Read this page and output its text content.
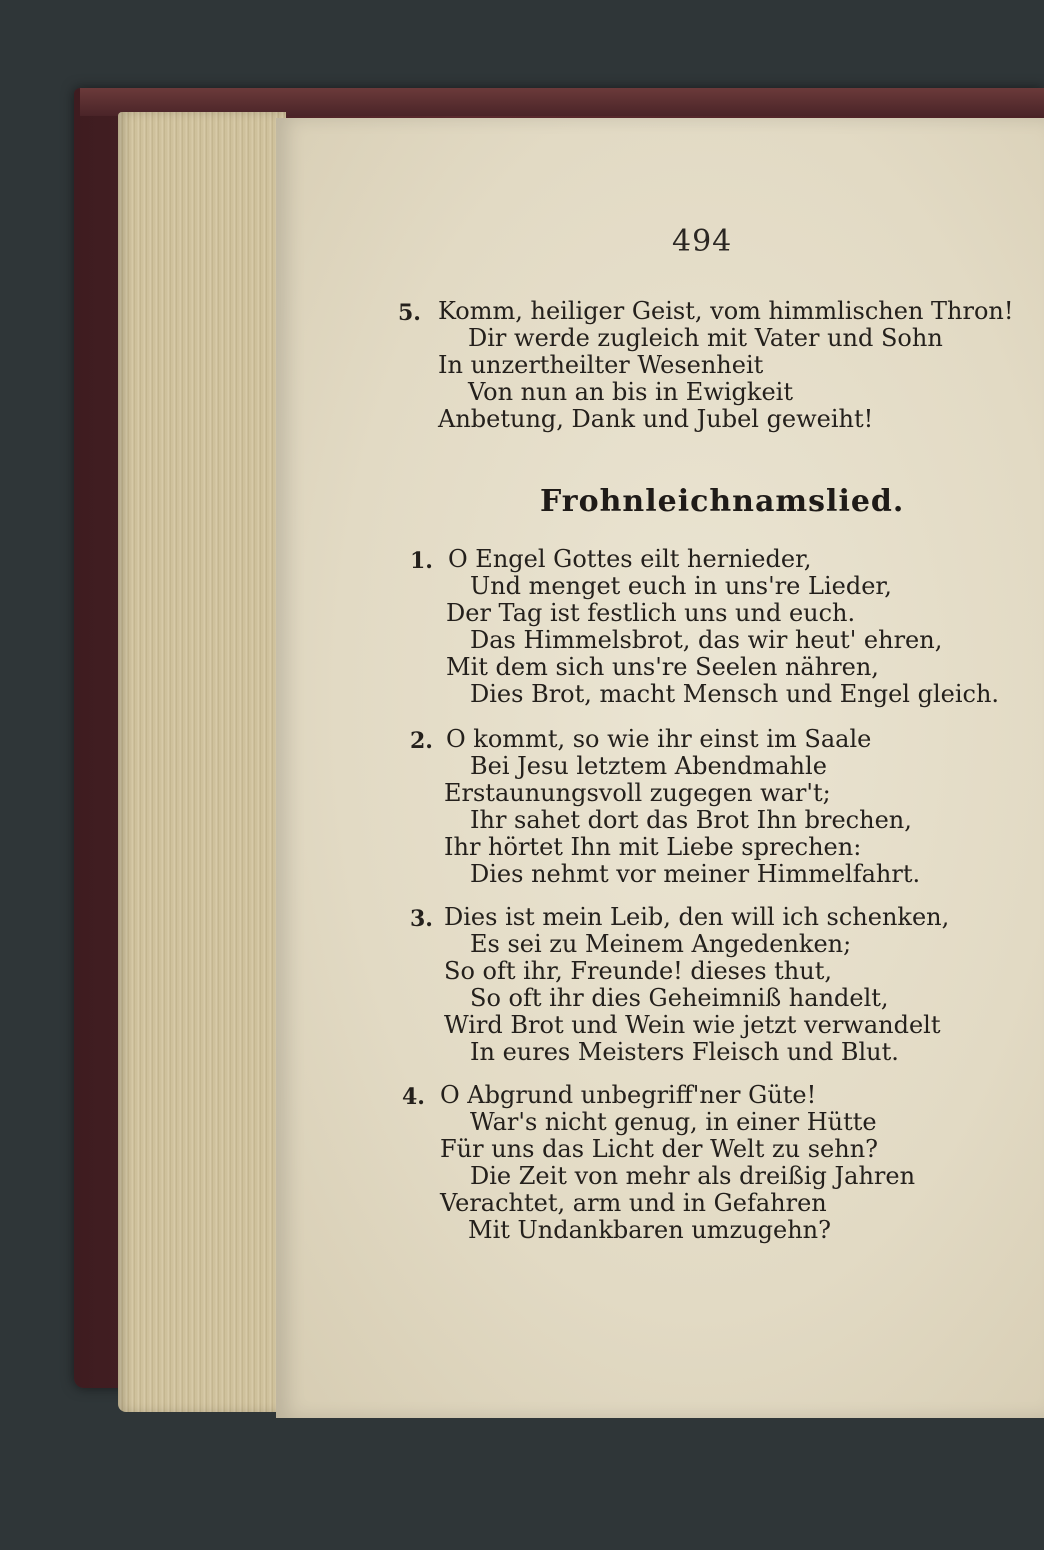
494
5. Komm, heiliger Geist, vom himmlischen Thron!
Dir werde zugleich mit Vater und Sohn
In unzertheilter Wesenheit
Von nun an bis in Ewigkeit
Anbetung, Dank und Jubel geweiht!
Frohnleichnamslied.
1. O Engel Gottes eilt hernieder,
Und menget euch in uns're Lieder,
Der Tag ist festlich uns und euch.
Das Himmelsbrot, das wir heut' ehren,
Mit dem sich uns're Seelen nähren,
Dies Brot, macht Mensch und Engel gleich.
2. O kommt, so wie ihr einst im Saale
Bei Jesu letztem Abendmahle
Erstaunungsvoll zugegen war't;
Ihr sahet dort das Brot Ihn brechen,
Ihr hörtet Ihn mit Liebe sprechen:
Dies nehmt vor meiner Himmelfahrt.
3. Dies ist mein Leib, den will ich schenken,
Es sei zu Meinem Angedenken;
So oft ihr, Freunde! dieses thut,
So oft ihr dies Geheimniß handelt,
Wird Brot und Wein wie jetzt verwandelt
In eures Meisters Fleisch und Blut.
4. O Abgrund unbegriff'ner Güte!
War's nicht genug, in einer Hütte
Für uns das Licht der Welt zu sehn?
Die Zeit von mehr als dreißig Jahren
Verachtet, arm und in Gefahren
Mit Undankbaren umzugehn?
